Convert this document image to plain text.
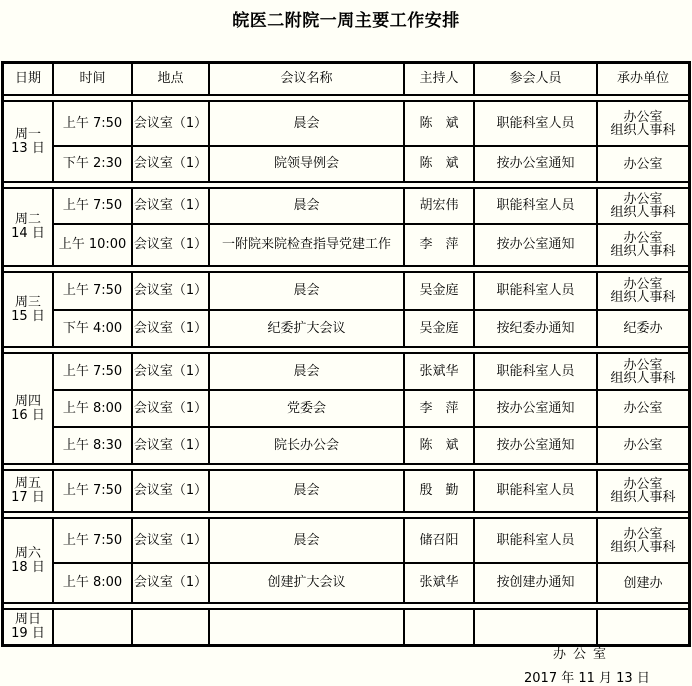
皖医二附院一周主要工作安排
日期	时间	地点	会议名称	主持人	参会人员	承办单位

周一
13 日	上午 7:50	会议室（1）	晨会	陈　斌	职能科室人员	办公室
组织人事科
	下午 2:30	会议室（1）	院领导例会	陈　斌	按办公室通知	办公室

周二
14 日	上午 7:50	会议室（1）	晨会	胡宏伟	职能科室人员	办公室
组织人事科
	上午 10:00	会议室（1）	一附院来院检查指导党建工作	李　萍	按办公室通知	办公室
组织人事科

周三
15 日	上午 7:50	会议室（1）	晨会	吴金庭	职能科室人员	办公室
组织人事科
	下午 4:00	会议室（1）	纪委扩大会议	吴金庭	按纪委办通知	纪委办

周四
16 日	上午 7:50	会议室（1）	晨会	张斌华	职能科室人员	办公室
组织人事科
	上午 8:00	会议室（1）	党委会	李　萍	按办公室通知	办公室
	上午 8:30	会议室（1）	院长办公会	陈　斌	按办公室通知	办公室

周五
17 日	上午 7:50	会议室（1）	晨会	殷　勤	职能科室人员	办公室
组织人事科

周六
18 日	上午 7:50	会议室（1）	晨会	储召阳	职能科室人员	办公室
组织人事科
	上午 8:00	会议室（1）	创建扩大会议	张斌华	按创建办通知	创建办

周日
19 日						
办公室
2017 年 11 月 13 日
